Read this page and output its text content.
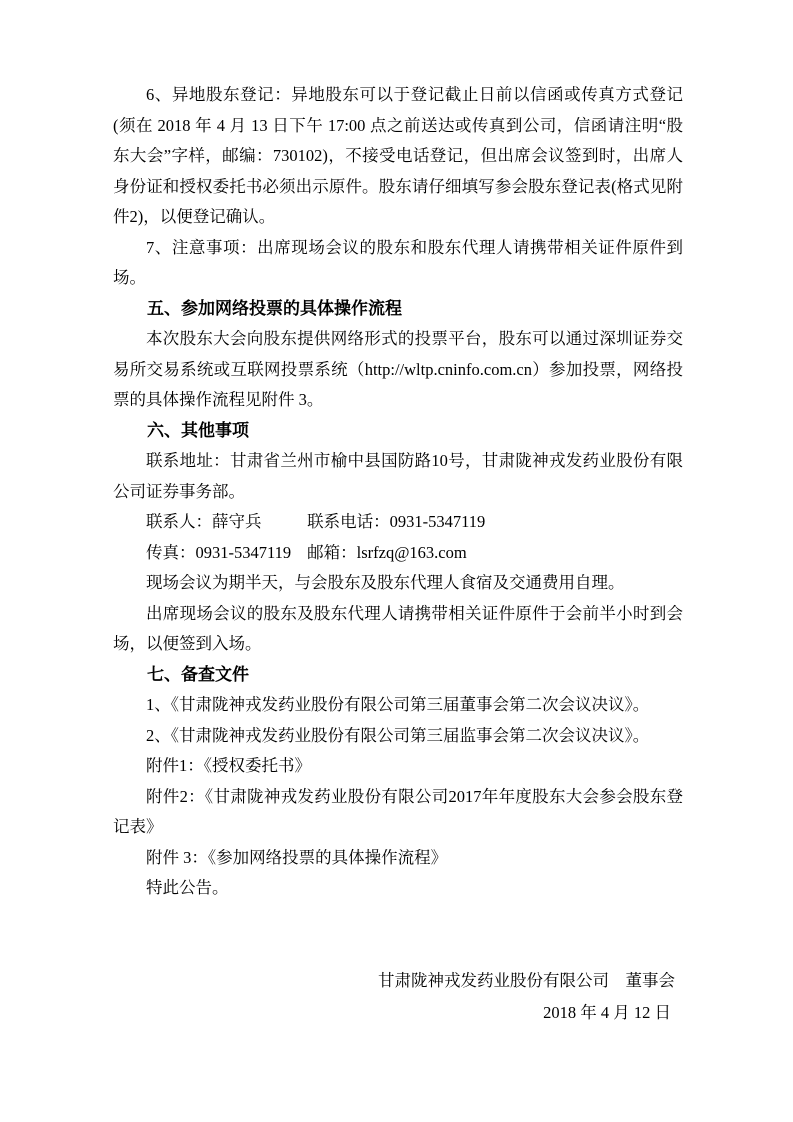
6、异地股东登记：异地股东可以于登记截止日前以信函或传真方式登记(须在 2018 年 4 月 13 日下午 17:00 点之前送达或传真到公司，信函请注明“股东大会”字样，邮编：730102)，不接受电话登记，但出席会议签到时，出席人身份证和授权委托书必须出示原件。股东请仔细填写参会股东登记表(格式见附件2)，以便登记确认。

7、注意事项：出席现场会议的股东和股东代理人请携带相关证件原件到场。

五、参加网络投票的具体操作流程

本次股东大会向股东提供网络形式的投票平台，股东可以通过深圳证券交易所交易系统或互联网投票系统（http://wltp.cninfo.com.cn）参加投票，网络投票的具体操作流程见附件 3。

六、其他事项

联系地址：甘肃省兰州市榆中县国防路10号，甘肃陇神戎发药业股份有限公司证券事务部。

联系人：薛守兵	联系电话：0931-5347119

传真：0931-5347119 邮箱：lsrfzq@163.com

现场会议为期半天，与会股东及股东代理人食宿及交通费用自理。

出席现场会议的股东及股东代理人请携带相关证件原件于会前半小时到会场，以便签到入场。

七、备查文件

1、《甘肃陇神戎发药业股份有限公司第三届董事会第二次会议决议》。

2、《甘肃陇神戎发药业股份有限公司第三届监事会第二次会议决议》。

附件1：《授权委托书》

附件2：《甘肃陇神戎发药业股份有限公司2017年年度股东大会参会股东登记表》

附件 3：《参加网络投票的具体操作流程》

特此公告。

甘肃陇神戎发药业股份有限公司　董事会

2018 年 4 月 12 日
